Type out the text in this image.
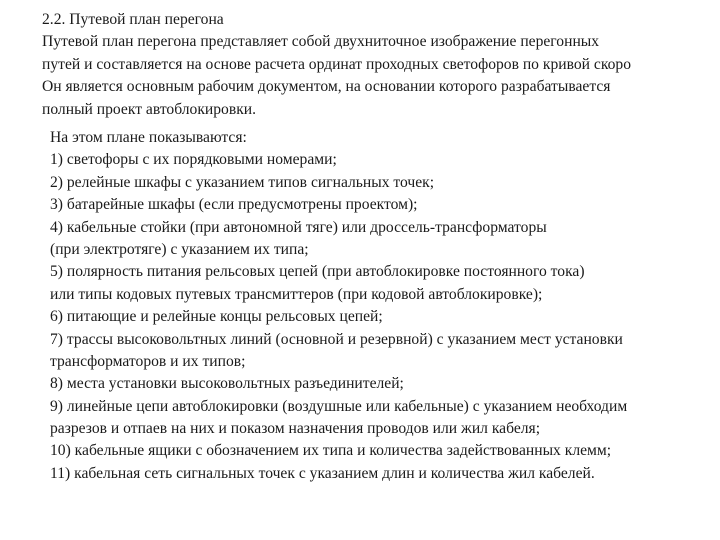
2.2. Путевой план перегона
Путевой план перегона представляет собой двухниточное изображение перегонных
путей и составляется на основе расчета ординат проходных светофоров по кривой скоро
Он является основным рабочим документом, на основании которого разрабатывается
полный проект автоблокировки.
На этом плане показываются:
1) светофоры с их порядковыми номерами;
2) релейные шкафы с указанием типов сигнальных точек;
3) батарейные шкафы (если предусмотрены проектом);
4) кабельные стойки (при автономной тяге) или дроссель-трансформаторы
(при электротяге) с указанием их типа;
5) полярность питания рельсовых цепей (при автоблокировке постоянного тока)
или типы кодовых путевых трансмиттеров (при кодовой автоблокировке);
6) питающие и релейные концы рельсовых цепей;
7) трассы высоковольтных линий (основной и резервной) с указанием мест установки
трансформаторов и их типов;
8) места установки высоковольтных разъединителей;
9) линейные цепи автоблокировки (воздушные или кабельные) с указанием необходим
разрезов и отпаев на них и показом назначения проводов или жил кабеля;
10) кабельные ящики с обозначением их типа и количества задействованных клемм;
11) кабельная сеть сигнальных точек с указанием длин и количества жил кабелей.
